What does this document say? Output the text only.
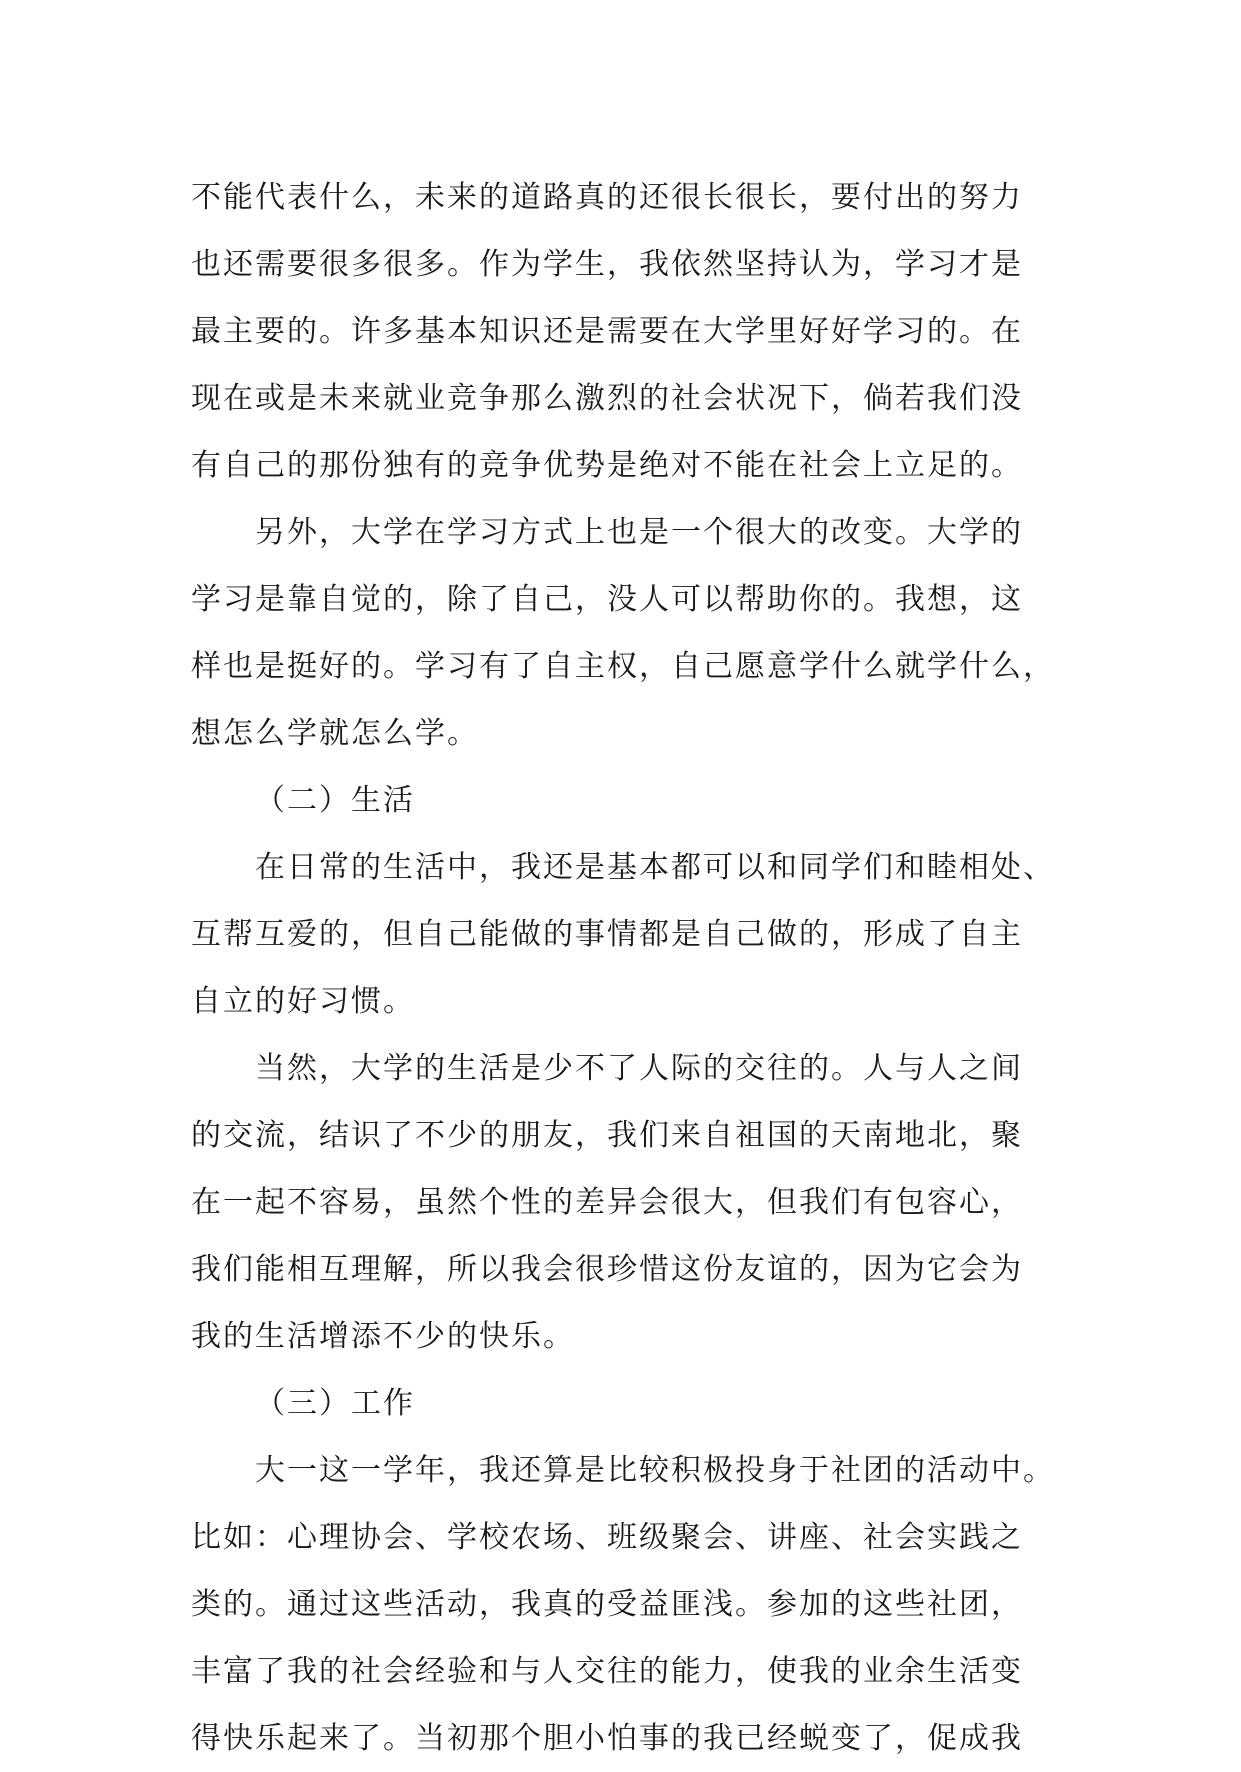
不能代表什么，未来的道路真的还很长很长，要付出的努力
也还需要很多很多。作为学生，我依然坚持认为，学习才是
最主要的。许多基本知识还是需要在大学里好好学习的。在
现在或是未来就业竞争那么激烈的社会状况下，倘若我们没
有自己的那份独有的竞争优势是绝对不能在社会上立足的。
另外，大学在学习方式上也是一个很大的改变。大学的
学习是靠自觉的，除了自己，没人可以帮助你的。我想，这
样也是挺好的。学习有了自主权，自己愿意学什么就学什么，
想怎么学就怎么学。
（二）生活
在日常的生活中，我还是基本都可以和同学们和睦相处、
互帮互爱的，但自己能做的事情都是自己做的，形成了自主
自立的好习惯。
当然，大学的生活是少不了人际的交往的。人与人之间
的交流，结识了不少的朋友，我们来自祖国的天南地北，聚
在一起不容易，虽然个性的差异会很大，但我们有包容心，
我们能相互理解，所以我会很珍惜这份友谊的，因为它会为
我的生活增添不少的快乐。
（三）工作
大一这一学年，我还算是比较积极投身于社团的活动中。
比如：心理协会、学校农场、班级聚会、讲座、社会实践之
类的。通过这些活动，我真的受益匪浅。参加的这些社团，
丰富了我的社会经验和与人交往的能力，使我的业余生活变
得快乐起来了。当初那个胆小怕事的我已经蜕变了，促成我
